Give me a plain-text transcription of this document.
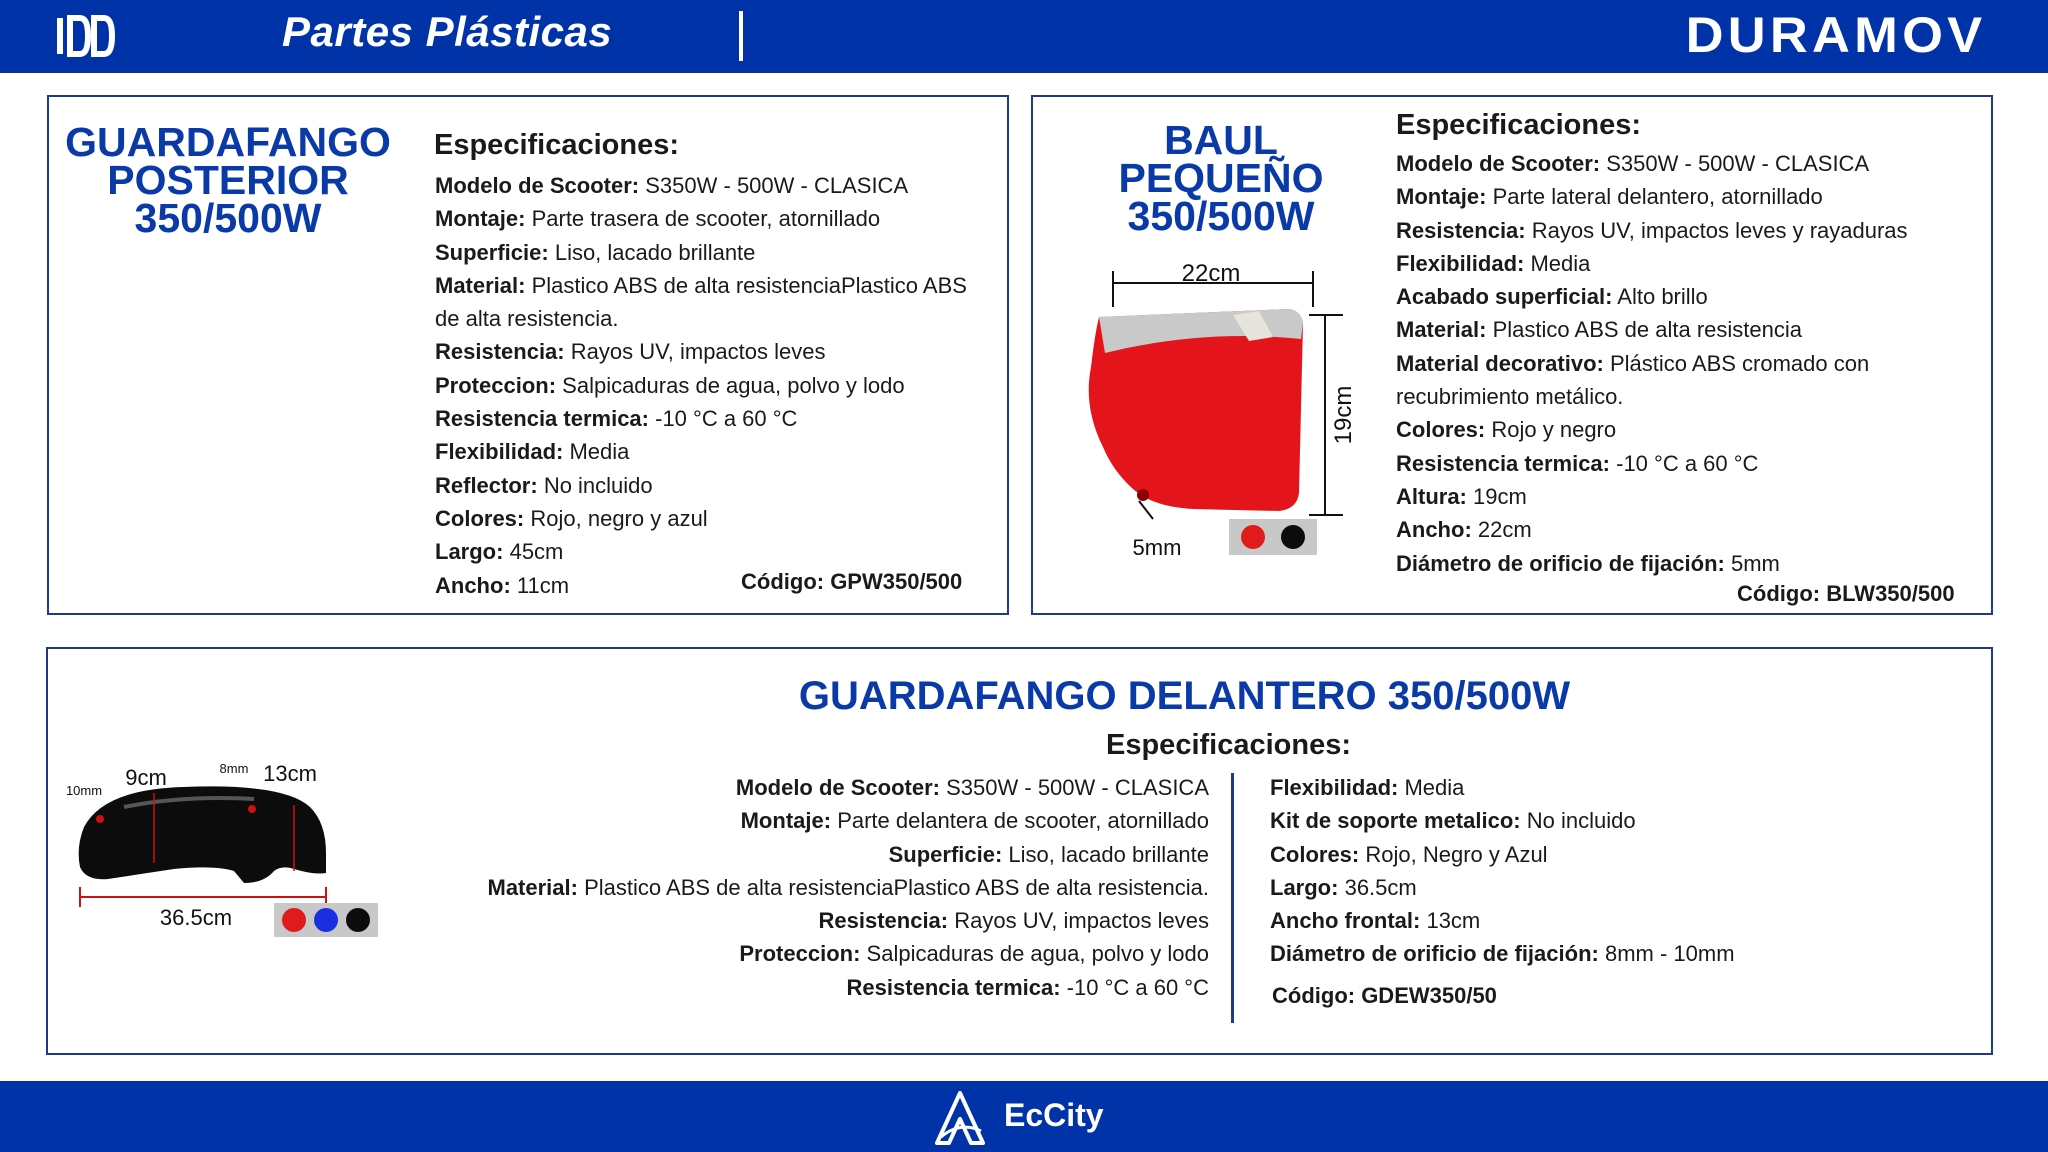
Partes Plásticas	DURAMOV
GUARDAFANGO POSTERIOR 350/500W
Especificaciones:
Modelo de Scooter: S350W - 500W - CLASICA
Montaje: Parte trasera de scooter, atornillado
Superficie: Liso, lacado brillante
Material: Plastico ABS de alta resistenciaPlastico ABS de alta resistencia.
Resistencia: Rayos UV, impactos leves
Proteccion: Salpicaduras de agua, polvo y lodo
Resistencia termica: -10 °C a 60 °C
Flexibilidad: Media
Reflector: No incluido
Colores: Rojo, negro y azul
Largo: 45cm
Ancho: 11cm	Código: GPW350/500
BAUL PEQUEÑO 350/500W
22cm
19cm
5mm
Especificaciones:
Modelo de Scooter: S350W - 500W - CLASICA
Montaje: Parte lateral delantero, atornillado
Resistencia: Rayos UV, impactos leves y rayaduras
Flexibilidad: Media
Acabado superficial: Alto brillo
Material: Plastico ABS de alta resistencia
Material decorativo: Plástico ABS cromado con recubrimiento metálico.
Colores: Rojo y negro
Resistencia termica: -10 °C a 60 °C
Altura: 19cm
Ancho: 22cm
Diámetro de orificio de fijación: 5mm
Código: BLW350/500
9cm	13cm
8mm
10mm
36.5cm
GUARDAFANGO DELANTERO 350/500W
Especificaciones:
Modelo de Scooter: S350W - 500W - CLASICA
Montaje: Parte delantera de scooter, atornillado
Superficie: Liso, lacado brillante
Material: Plastico ABS de alta resistenciaPlastico ABS de alta resistencia.
Resistencia: Rayos UV, impactos leves
Proteccion: Salpicaduras de agua, polvo y lodo
Resistencia termica: -10 °C a 60 °C
Flexibilidad: Media
Kit de soporte metalico: No incluido
Colores: Rojo, Negro y Azul
Largo: 36.5cm
Ancho frontal: 13cm
Diámetro de orificio de fijación: 8mm - 10mm
Código: GDEW350/50
EcCity
